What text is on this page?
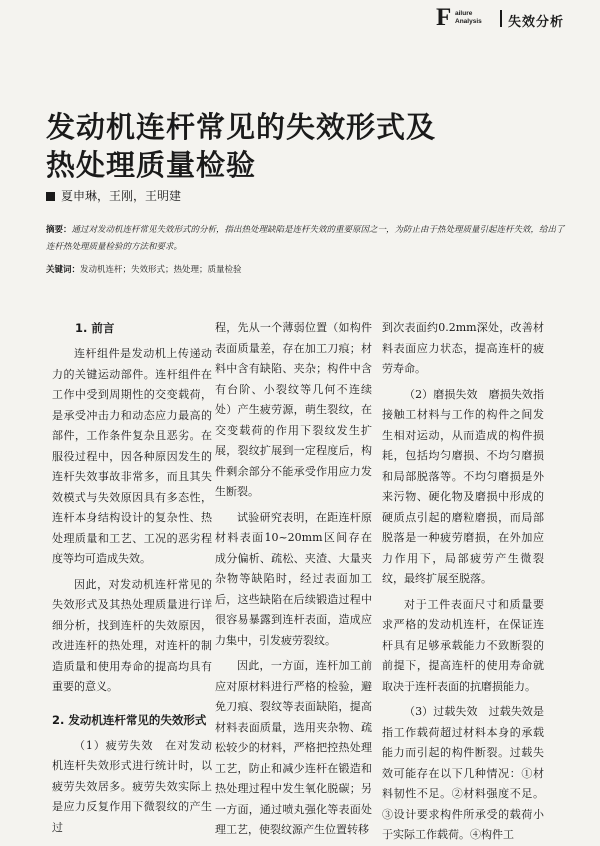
F ailure
Analysis 失效分析
发动机连杆常见的失效形式及
热处理质量检验
夏申琳，王刚，王明建
摘要：通过对发动机连杆常见失效形式的分析，指出热处理缺陷是连杆失效的重要原因之一，为防止由于热处理质量引起连杆失效，给出了连杆热处理质量检验的方法和要求。
关键词：发动机连杆；失效形式；热处理；质量检验
1. 前言

连杆组件是发动机上传递动力的关键运动部件。连杆组件在工作中受到周期性的交变载荷，是承受冲击力和动态应力最高的部件，工作条件复杂且恶劣。在服役过程中，因各种原因发生的连杆失效事故非常多，而且其失效模式与失效原因具有多态性，连杆本身结构设计的复杂性、热处理质量和工艺、工况的恶劣程度等均可造成失效。

因此，对发动机连杆常见的失效形式及其热处理质量进行详细分析，找到连杆的失效原因，改进连杆的热处理，对连杆的制造质量和使用寿命的提高均具有重要的意义。

2. 发动机连杆常见的失效形式

（1）疲劳失效　在对发动机连杆失效形式进行统计时，以疲劳失效居多。疲劳失效实际上是应力反复作用下微裂纹的产生过

程，先从一个薄弱位置（如构件表面质量差，存在加工刀痕；材料中含有缺陷、夹杂；构件中含有台阶、小裂纹等几何不连续处）产生疲劳源，萌生裂纹，在交变载荷的作用下裂纹发生扩展，裂纹扩展到一定程度后，构件剩余部分不能承受作用应力发生断裂。

试验研究表明，在距连杆原材料表面10~20mm区间存在成分偏析、疏松、夹渣、大量夹杂物等缺陷时，经过表面加工后，这些缺陷在后续锻造过程中很容易暴露到连杆表面，造成应力集中，引发疲劳裂纹。

因此，一方面，连杆加工前应对原材料进行严格的检验，避免刀痕、裂纹等表面缺陷，提高材料表面质量，选用夹杂物、疏松较少的材料，严格把控热处理工艺，防止和减少连杆在锻造和热处理过程中发生氧化脱碳；另一方面，通过喷丸强化等表面处理工艺，使裂纹源产生位置转移

到次表面约0.2mm深处，改善材料表面应力状态，提高连杆的疲劳寿命。

（2）磨损失效　磨损失效指接触工材料与工作的构件之间发生相对运动，从而造成的构件损耗，包括均匀磨损、不均匀磨损和局部脱落等。不均匀磨损是外来污物、硬化物及磨损中形成的硬质点引起的磨粒磨损，而局部脱落是一种疲劳磨损，在外加应力作用下，局部疲劳产生微裂纹，最终扩展至脱落。

对于工件表面尺寸和质量要求严格的发动机连杆，在保证连杆具有足够承载能力不致断裂的前提下，提高连杆的使用寿命就取决于连杆表面的抗磨损能力。

（3）过载失效　过载失效是指工作载荷超过材料本身的承载能力而引起的构件断裂。过载失效可能存在以下几种情况：①材料韧性不足。②材料强度不足。③设计要求构件所承受的载荷小于实际工作载荷。④构件工
